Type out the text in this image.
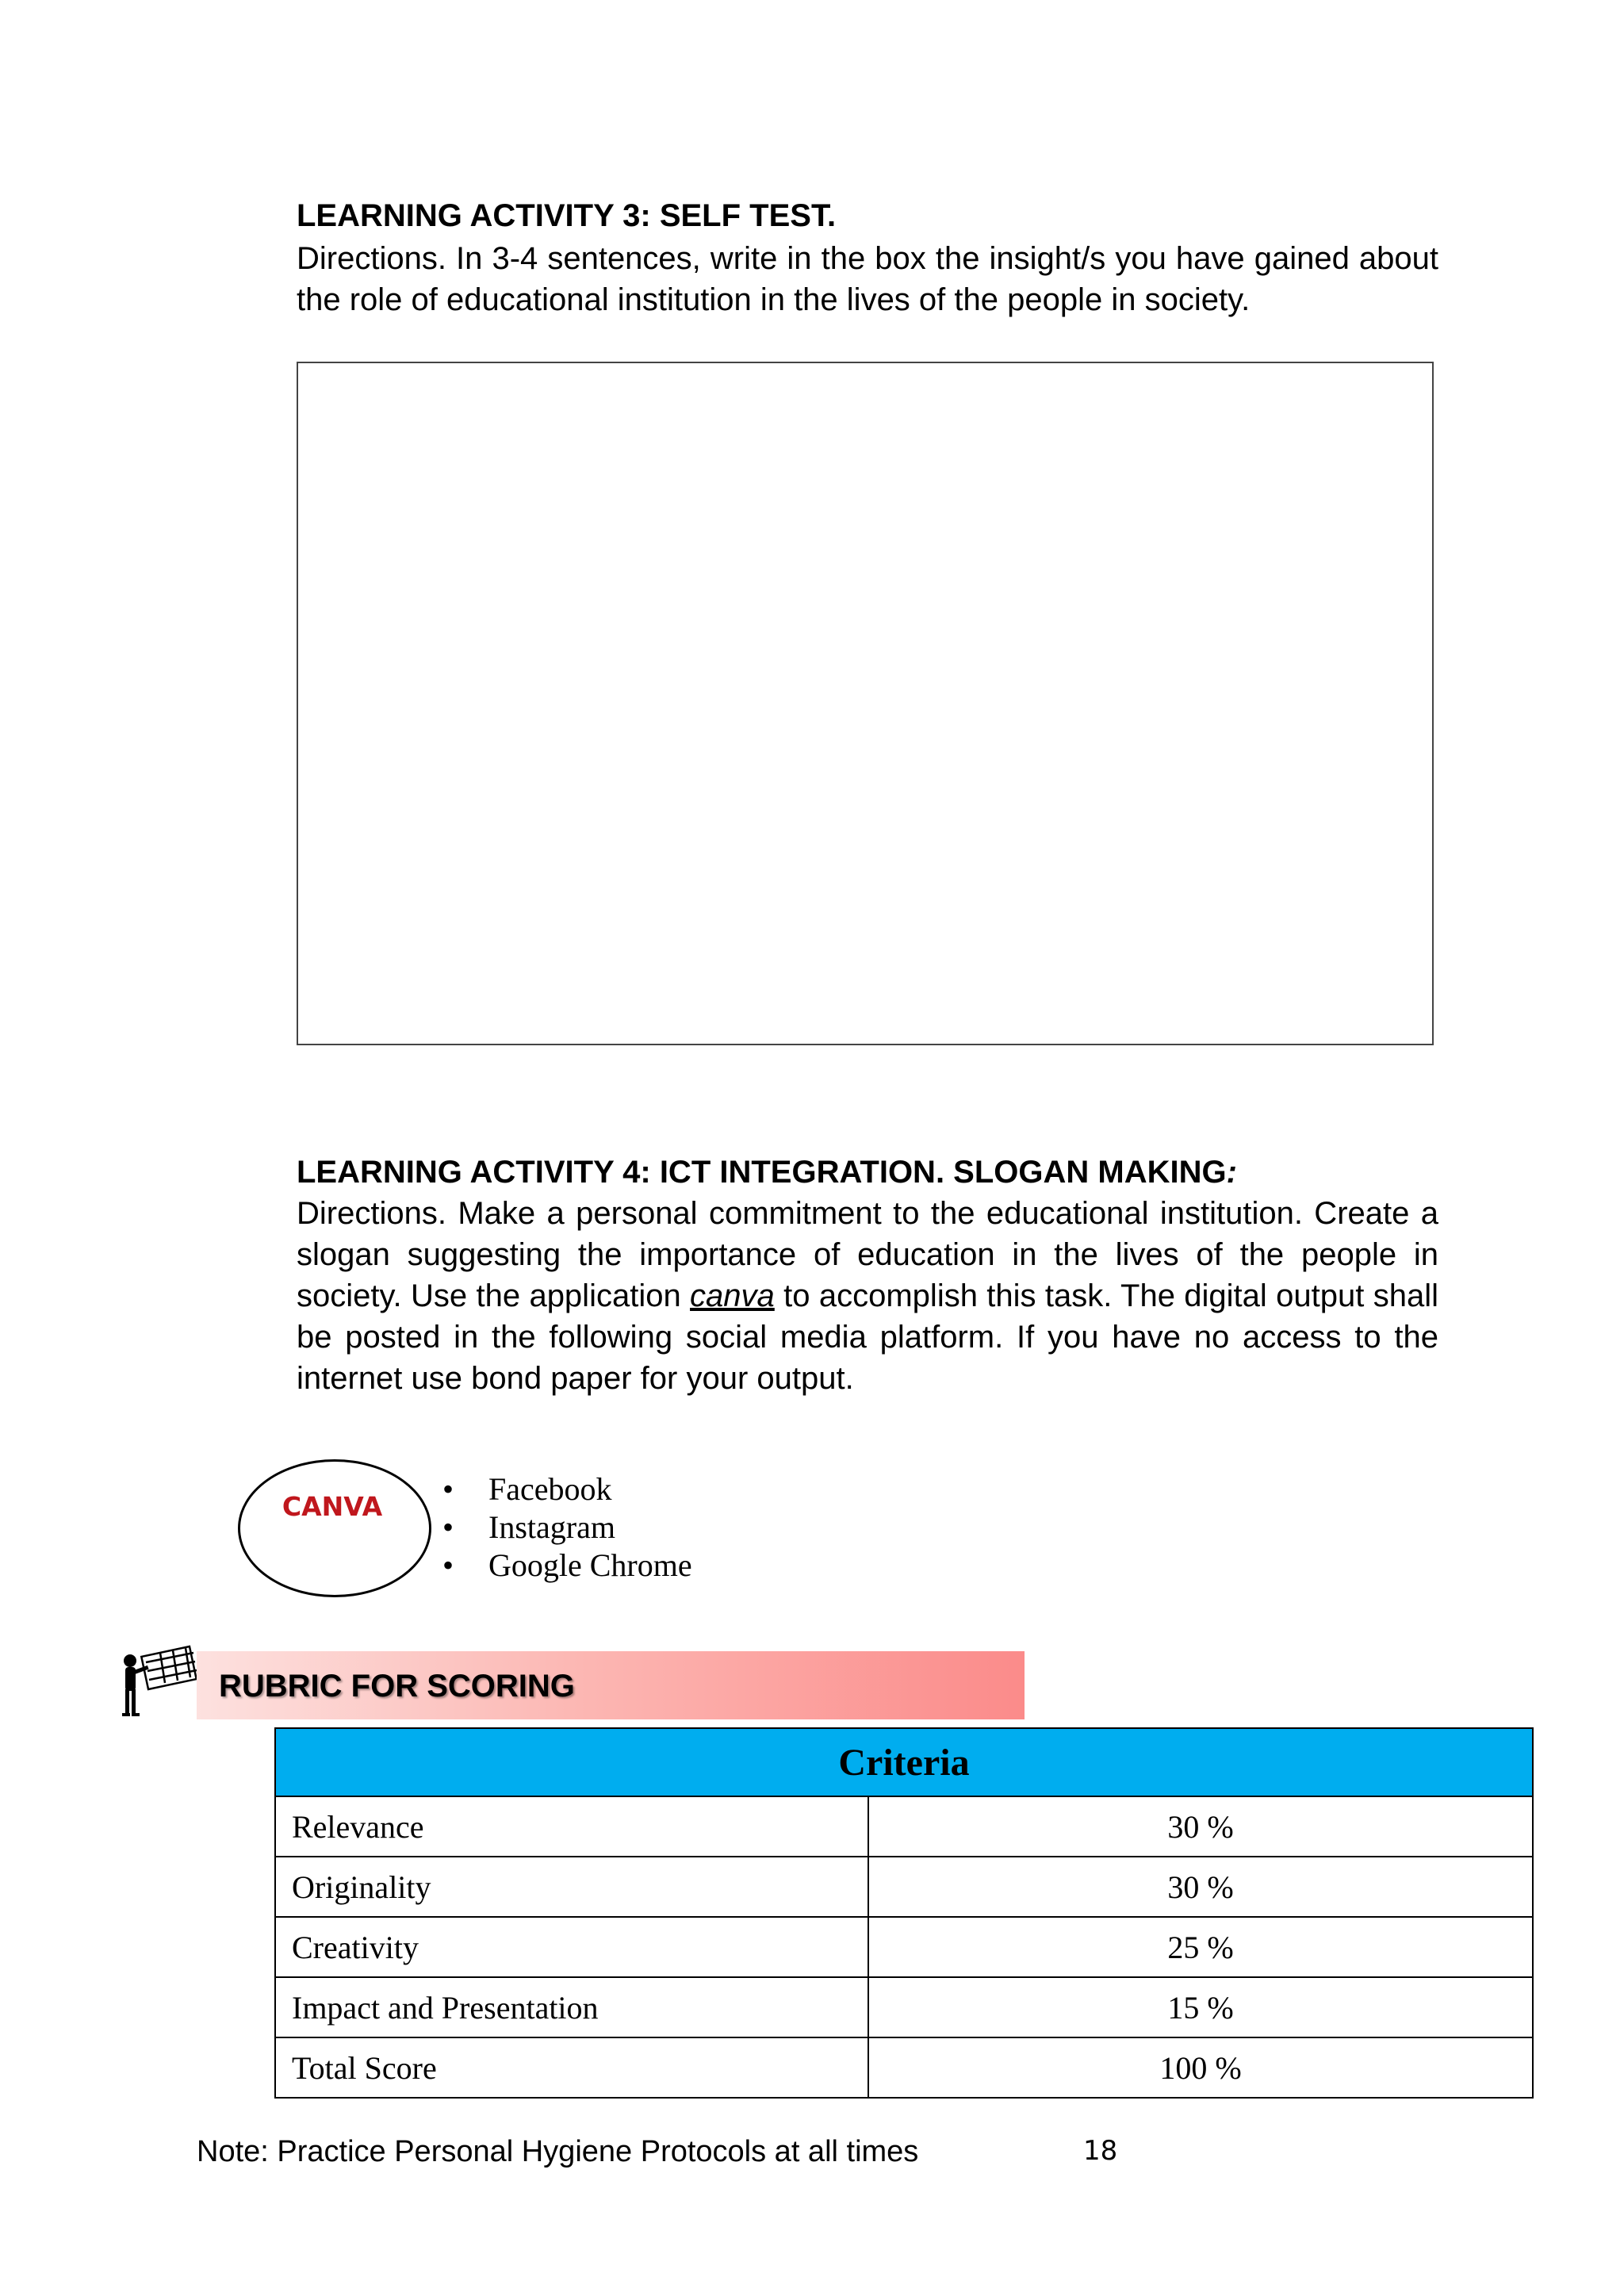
LEARNING ACTIVITY 3: SELF TEST.
Directions. In 3-4 sentences, write in the box the insight/s you have gained about the role of educational institution in the lives of the people in society.
LEARNING ACTIVITY 4: ICT INTEGRATION. SLOGAN MAKING:
Directions. Make a personal commitment to the educational institution. Create a slogan suggesting the importance of education in the lives of the people in society. Use the application canva to accomplish this task. The digital output shall be posted in the following social media platform. If you have no access to the internet use bond paper for your output.
CANVA	• Facebook
• Instagram
• Google Chrome
RUBRIC FOR SCORING
Criteria	
Relevance	30 %
Originality	30 %
Creativity	25 %
Impact and Presentation	15 %
Total Score	100 %
Note: Practice Personal Hygiene Protocols at all times	18
